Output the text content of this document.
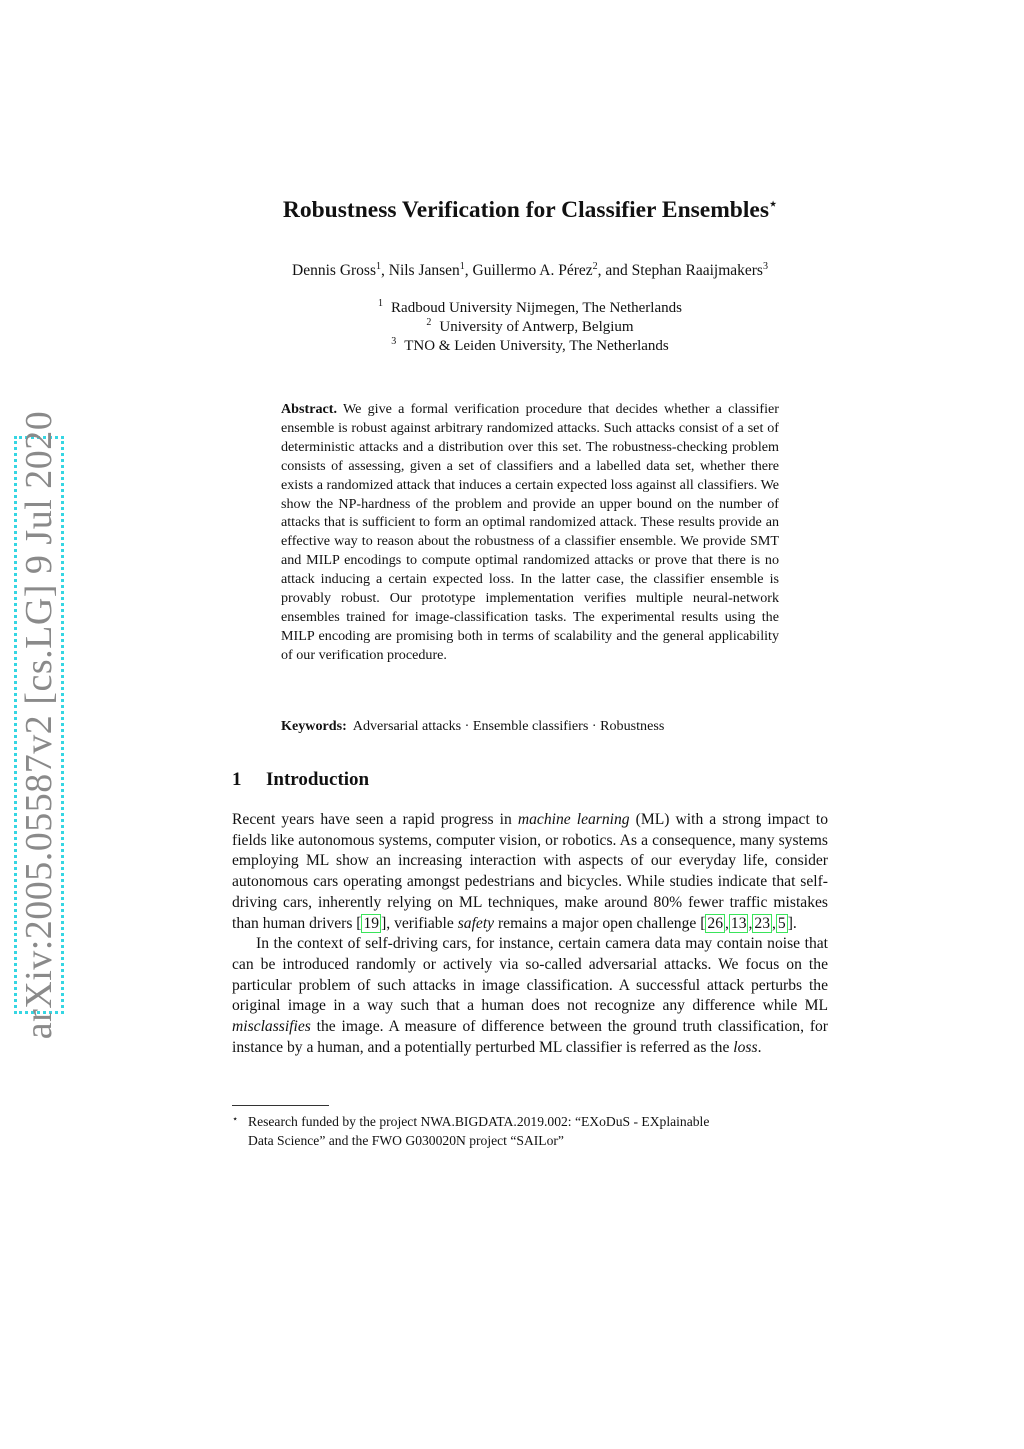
arXiv:2005.05587v2 [cs.LG] 9 Jul 2020
Robustness Verification for Classifier Ensembles⋆
Dennis Gross$^1$, Nils Jansen$^1$, Guillermo A. Pérez$^2$, and Stephan Raaijmakers$^3$
$^1$ Radboud University Nijmegen, The Netherlands
$^2$ University of Antwerp, Belgium
$^3$ TNO & Leiden University, The Netherlands
Abstract. We give a formal verification procedure that decides whether a classifier ensemble is robust against arbitrary randomized attacks. Such attacks consist of a set of deterministic attacks and a distribution over this set. The robustness-checking problem consists of assessing, given a set of classifiers and a labelled data set, whether there exists a randomized attack that induces a certain expected loss against all classifiers. We show the NP-hardness of the problem and provide an upper bound on the number of attacks that is sufficient to form an optimal randomized attack. These results provide an effective way to reason about the robustness of a classifier ensemble. We provide SMT and MILP encodings to compute optimal randomized attacks or prove that there is no attack inducing a certain expected loss. In the latter case, the classifier ensemble is provably robust. Our prototype implementation verifies multiple neural-network ensembles trained for image-classification tasks. The experimental results using the MILP encoding are promising both in terms of scalability and the general applicability of our verification procedure.
Keywords: Adversarial attacks · Ensemble classifiers · Robustness
1 Introduction

Recent years have seen a rapid progress in machine learning (ML) with a strong impact to fields like autonomous systems, computer vision, or robotics. As a consequence, many systems employing ML show an increasing interaction with aspects of our everyday life, consider autonomous cars operating amongst pedestrians and bicycles. While studies indicate that self-driving cars, inherently relying on ML techniques, make around 80% fewer traffic mistakes than human drivers [ 19 ], verifiable safety remains a major open challenge [ 26 , 13 , 23 , 5 ].

In the context of self-driving cars, for instance, certain camera data may contain noise that can be introduced randomly or actively via so-called adversarial attacks. We focus on the particular problem of such attacks in image classification. A successful attack perturbs the original image in a way such that a human does not recognize any difference while ML misclassifies the image. A measure of difference between the ground truth classification, for instance by a human, and a potentially perturbed ML classifier is referred as the loss.

⋆ Research funded by the project NWA.BIGDATA.2019.002: “EXoDuS - EXplainable
Data Science” and the FWO G030020N project “SAILor”
